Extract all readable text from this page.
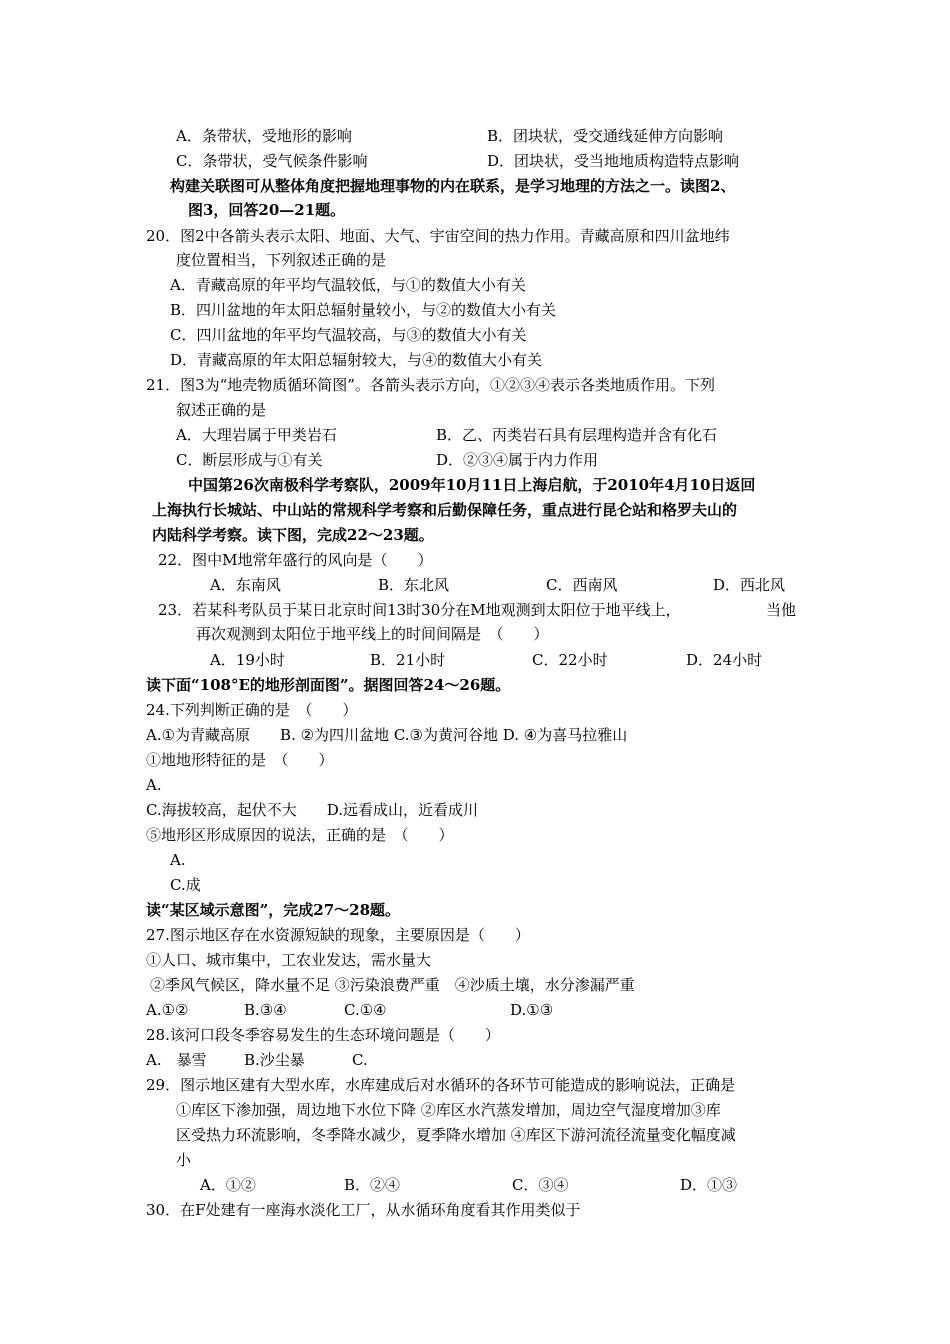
A．条带状，受地形的影响	B．团块状，受交通线延伸方向影响
C．条带状，受气候条件影响	D．团块状，受当地地质构造特点影响
构建关联图可从整体角度把握地理事物的内在联系，是学习地理的方法之一。读图2、
图3，回答20—21题。
20．图2中各箭头表示太阳、地面、大气、宇宙空间的热力作用。青藏高原和四川盆地纬
度位置相当，下列叙述正确的是
A．青藏高原的年平均气温较低，与①的数值大小有关
B．四川盆地的年太阳总辐射量较小，与②的数值大小有关
C．四川盆地的年平均气温较高，与③的数值大小有关
D．青藏高原的年太阳总辐射较大，与④的数值大小有关
21．图3为“地壳物质循环简图”。各箭头表示方向，①②③④表示各类地质作用。下列
叙述正确的是
A．大理岩属于甲类岩石	B．乙、丙类岩石具有层理构造并含有化石
C．断层形成与①有关	D．②③④属于内力作用
中国第26次南极科学考察队，2009年10月11日上海启航，于2010年4月10日返回
上海执行长城站、中山站的常规科学考察和后勤保障任务，重点进行昆仑站和格罗夫山的
内陆科学考察。读下图，完成22～23题。
22．图中M地常年盛行的风向是（　　）
A．东南风	B．东北风	C．西南风	D．西北风
23．若某科考队员于某日北京时间13时30分在M地观测到太阳位于地平线上，	当他
再次观测到太阳位于地平线上的时间间隔是　（　　）
A．19小时	B．21小时	C．22小时	D．24小时
读下面“108°E的地形剖面图”。据图回答24～26题。
24.下列判断正确的是　（　　）
A.①为青藏高原　　B. ②为四川盆地 C.③为黄河谷地 D. ④为喜马拉雅山
①地地形特征的是　（　　）
A.
C.海拔较高，起伏不大　　D.远看成山，近看成川
⑤地形区形成原因的说法，正确的是　（　　）
A.
C.成
读“某区域示意图”，完成27～28题。
27.图示地区存在水资源短缺的现象，主要原因是（　　）
①人口、城市集中，工农业发达，需水量大
②季风气候区，降水量不足 ③污染浪费严重　④沙质土壤，水分渗漏严重
A.①②	B.③④	C.①④	D.①③
28.该河口段冬季容易发生的生态环境问题是（　　）
A.　暴雪 B.沙尘暴	C.
29．图示地区建有大型水库，水库建成后对水循环的各环节可能造成的影响说法，正确是
①库区下渗加强，周边地下水位下降 ②库区水汽蒸发增加，周边空气湿度增加③库
区受热力环流影响，冬季降水减少，夏季降水增加 ④库区下游河流径流量变化幅度减
小
A．①②	B．②④	C．③④	D．①③
30．在F处建有一座海水淡化工厂，从水循环角度看其作用类似于
